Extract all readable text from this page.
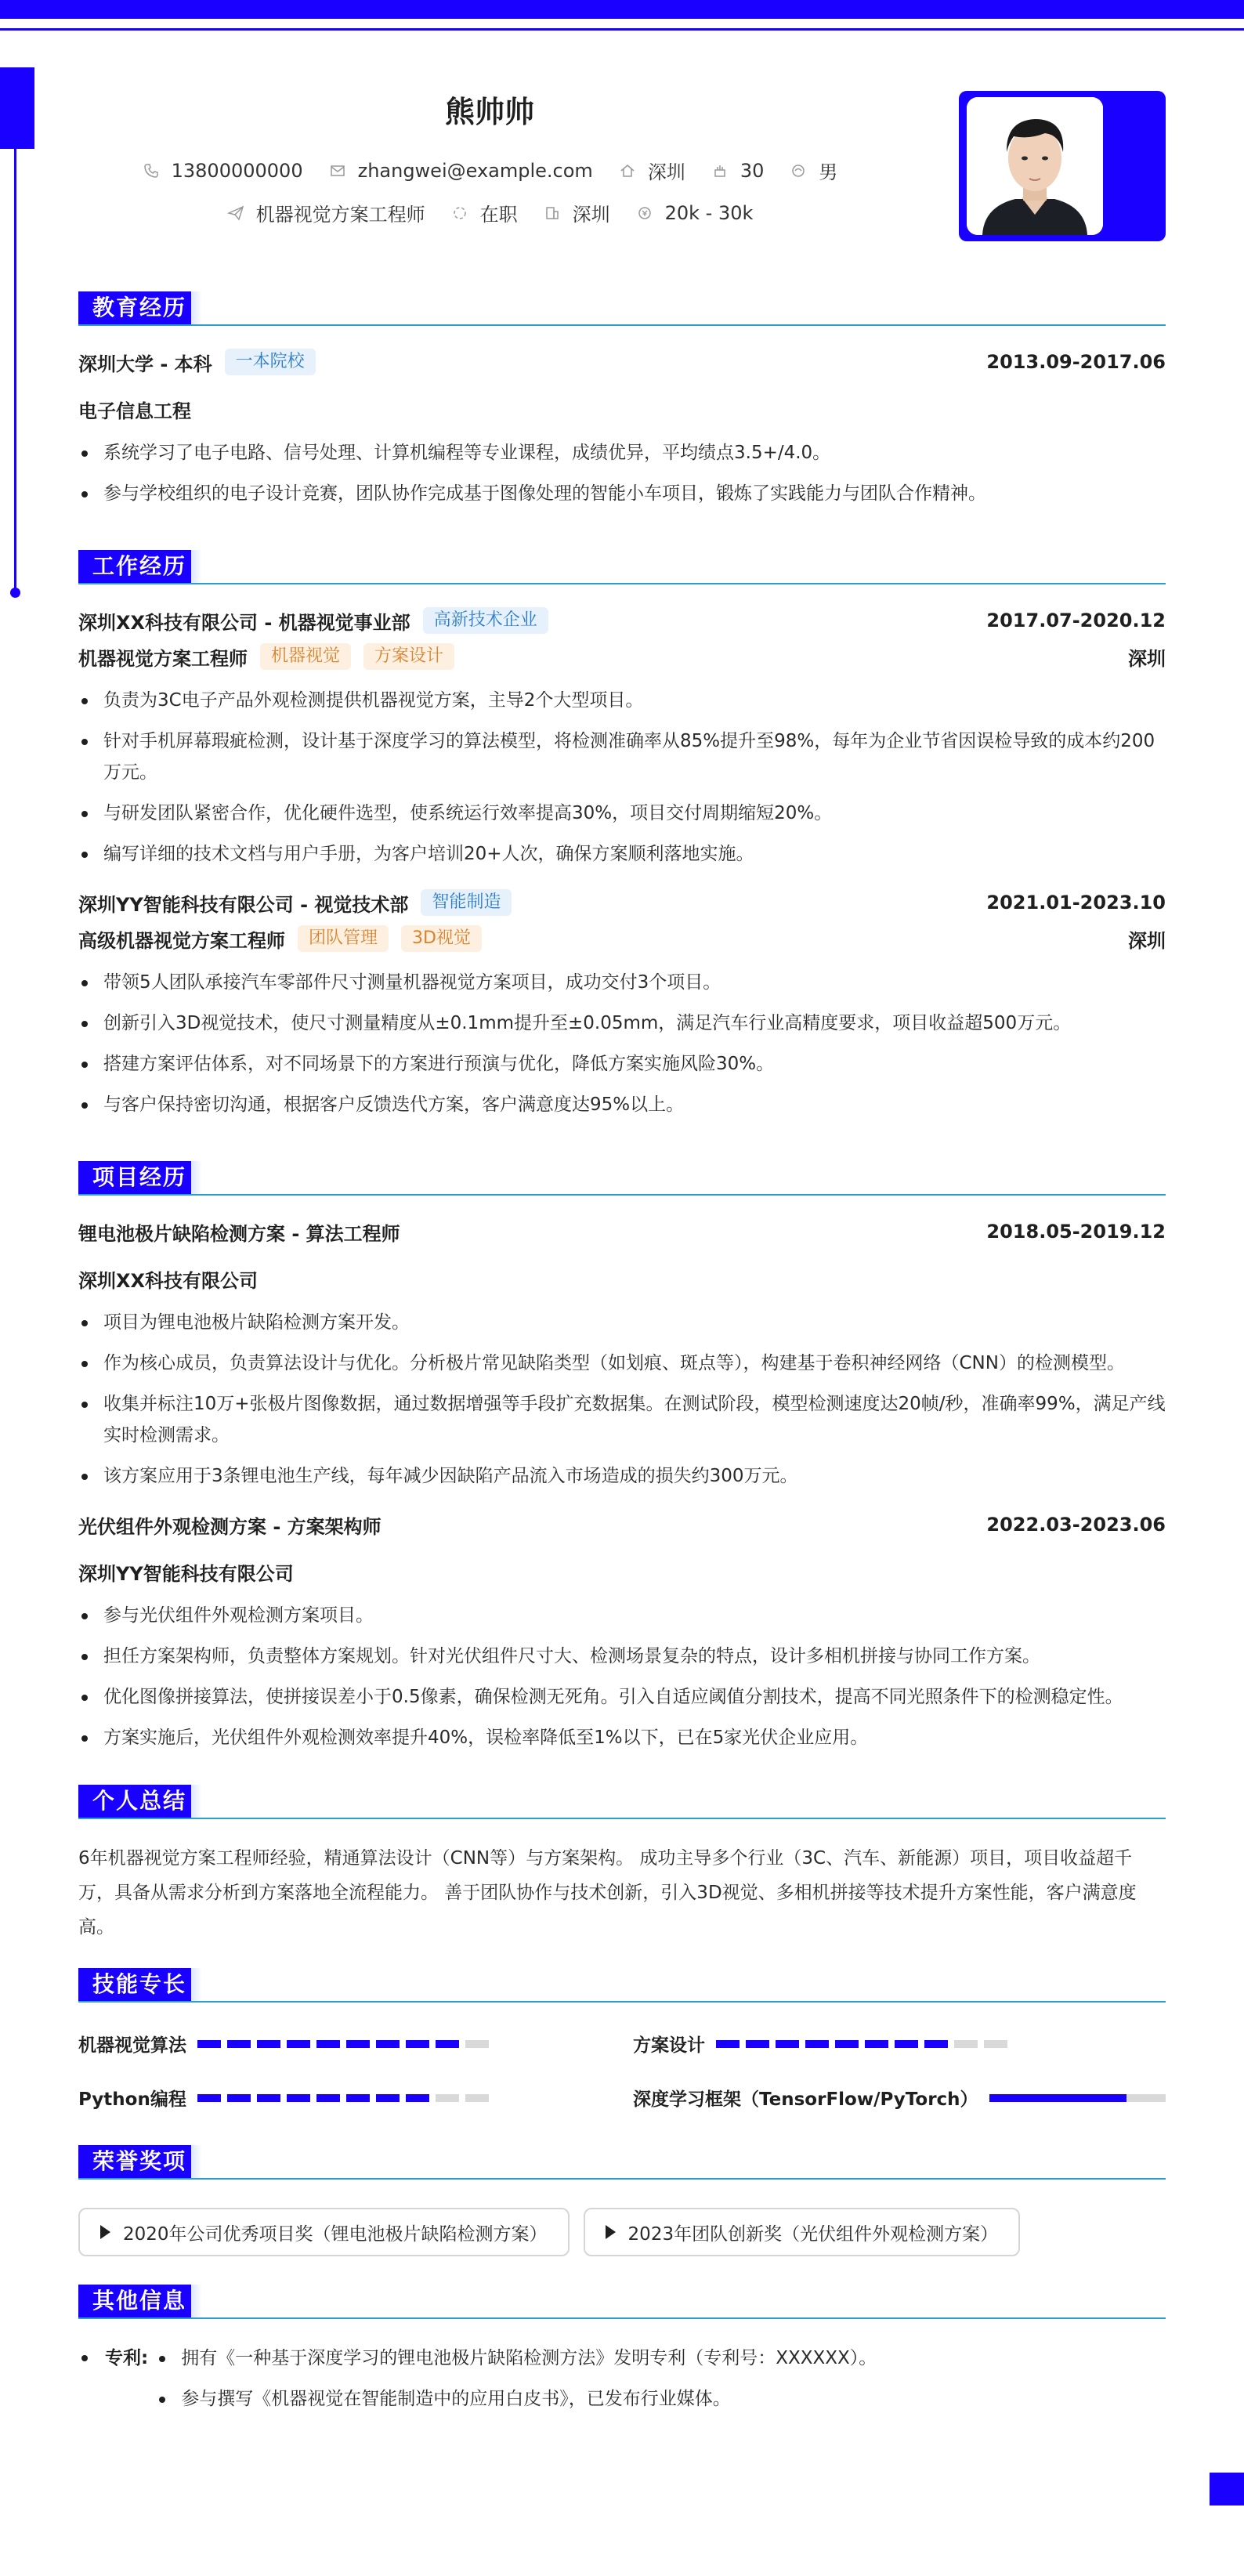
熊帅帅
13800000000	zhangwei@example.com	深圳	30	男
机器视觉方案工程师	在职	深圳	20k - 30k
教育经历
深圳大学 - 本科	一本院校	2013.09-2017.06
电子信息工程
系统学习了电子电路、信号处理、计算机编程等专业课程，成绩优异，平均绩点3.5+/4.0。
参与学校组织的电子设计竞赛，团队协作完成基于图像处理的智能小车项目，锻炼了实践能力与团队合作精神。
工作经历
深圳XX科技有限公司 - 机器视觉事业部	高新技术企业	2017.07-2020.12
机器视觉方案工程师	机器视觉	方案设计	深圳
负责为3C电子产品外观检测提供机器视觉方案，主导2个大型项目。
针对手机屏幕瑕疵检测，设计基于深度学习的算法模型，将检测准确率从85%提升至98%，每年为企业节省因误检导致的成本约200万元。
与研发团队紧密合作，优化硬件选型，使系统运行效率提高30%，项目交付周期缩短20%。
编写详细的技术文档与用户手册，为客户培训20+人次，确保方案顺利落地实施。
深圳YY智能科技有限公司 - 视觉技术部	智能制造	2021.01-2023.10
高级机器视觉方案工程师	团队管理	3D视觉	深圳
带领5人团队承接汽车零部件尺寸测量机器视觉方案项目，成功交付3个项目。
创新引入3D视觉技术，使尺寸测量精度从±0.1mm提升至±0.05mm，满足汽车行业高精度要求，项目收益超500万元。
搭建方案评估体系，对不同场景下的方案进行预演与优化，降低方案实施风险30%。
与客户保持密切沟通，根据客户反馈迭代方案，客户满意度达95%以上。
项目经历
锂电池极片缺陷检测方案 - 算法工程师	2018.05-2019.12
深圳XX科技有限公司
项目为锂电池极片缺陷检测方案开发。
作为核心成员，负责算法设计与优化。分析极片常见缺陷类型（如划痕、斑点等），构建基于卷积神经网络（CNN）的检测模型。
收集并标注10万+张极片图像数据，通过数据增强等手段扩充数据集。在测试阶段，模型检测速度达20帧/秒，准确率99%，满足产线实时检测需求。
该方案应用于3条锂电池生产线，每年减少因缺陷产品流入市场造成的损失约300万元。
光伏组件外观检测方案 - 方案架构师	2022.03-2023.06
深圳YY智能科技有限公司
参与光伏组件外观检测方案项目。
担任方案架构师，负责整体方案规划。针对光伏组件尺寸大、检测场景复杂的特点，设计多相机拼接与协同工作方案。
优化图像拼接算法，使拼接误差小于0.5像素，确保检测无死角。引入自适应阈值分割技术，提高不同光照条件下的检测稳定性。
方案实施后，光伏组件外观检测效率提升40%，误检率降低至1%以下，已在5家光伏企业应用。
个人总结
6年机器视觉方案工程师经验，精通算法设计（CNN等）与方案架构。 成功主导多个行业（3C、汽车、新能源）项目，项目收益超千万，具备从需求分析到方案落地全流程能力。 善于团队协作与技术创新，引入3D视觉、多相机拼接等技术提升方案性能，客户满意度高。
技能专长
机器视觉算法	方案设计
Python编程	深度学习框架（TensorFlow/PyTorch）
荣誉奖项
2020年公司优秀项目奖（锂电池极片缺陷检测方案）	2023年团队创新奖（光伏组件外观检测方案）
其他信息
专利:	拥有《一种基于深度学习的锂电池极片缺陷检测方法》发明专利（专利号：XXXXXX）。
参与撰写《机器视觉在智能制造中的应用白皮书》，已发布行业媒体。
